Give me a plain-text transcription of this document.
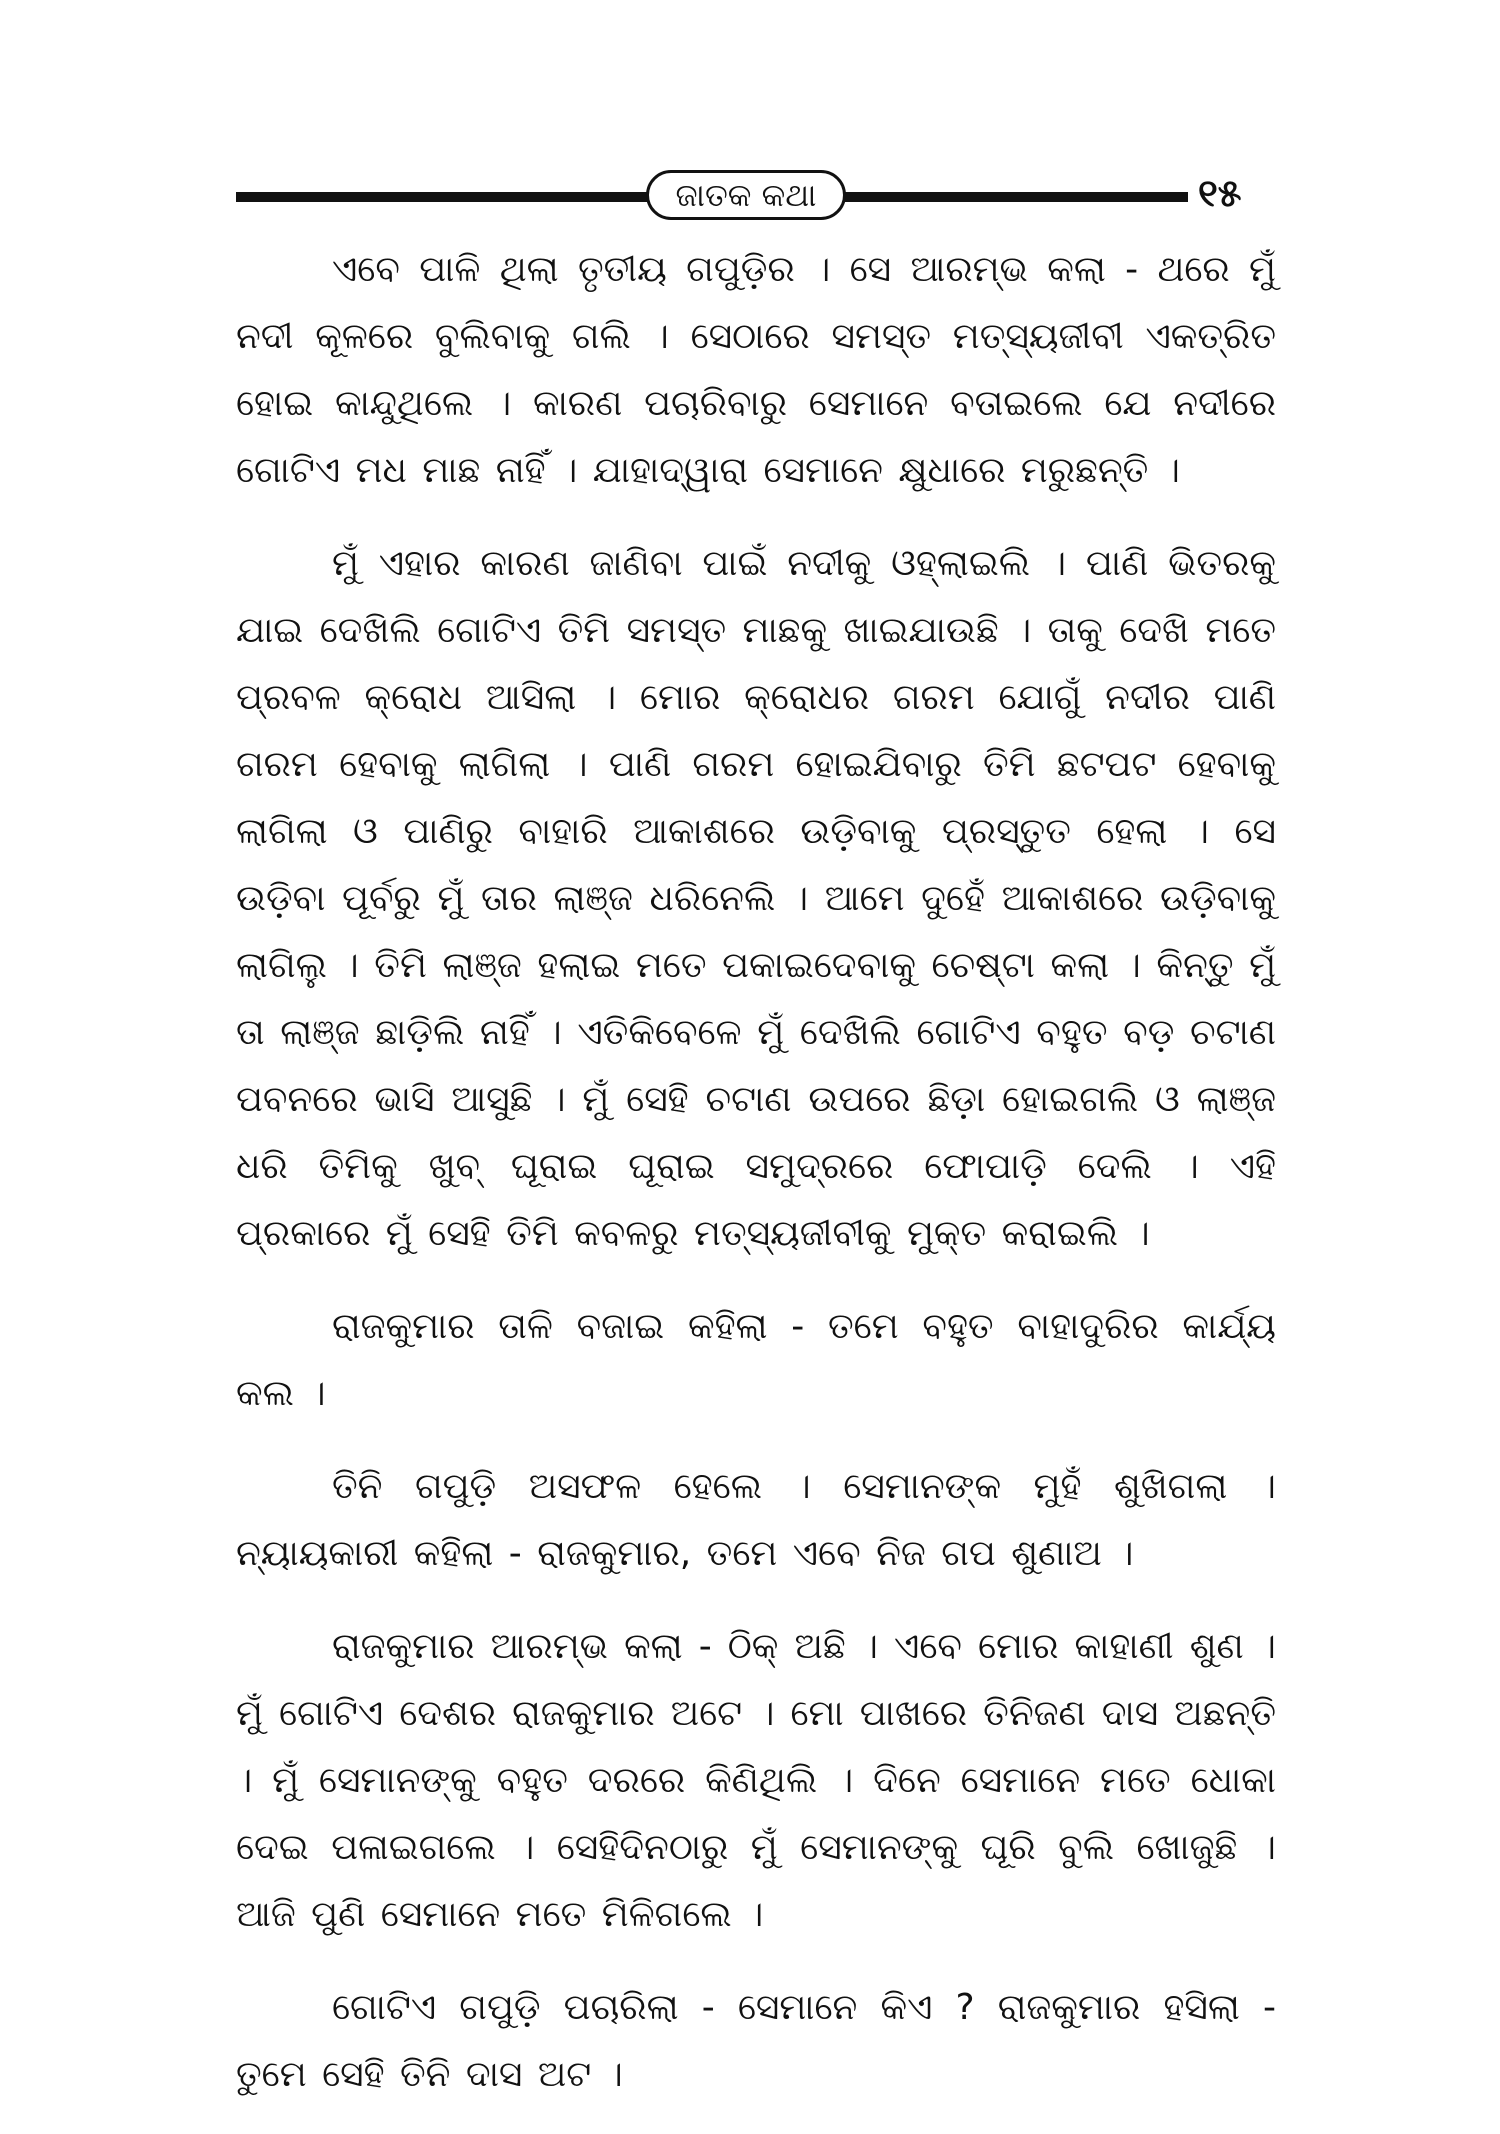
ଜାତକ କଥା	୧୫

ଏବେ ପାଳି ଥିଲା ତୃତୀୟ ଗପୁଡ଼ିର । ସେ ଆରମ୍ଭ କଲା - ଥରେ ମୁଁ ନଦୀ କୂଳରେ ବୁଲିବାକୁ ଗଲି । ସେଠାରେ ସମସ୍ତ ମତ୍ସ୍ୟଜୀବୀ ଏକତ୍ରିତ ହୋଇ କାନ୍ଦୁଥିଲେ । କାରଣ ପଚାରିବାରୁ ସେମାନେ ବତାଇଲେ ଯେ ନଦୀରେ ଗୋଟିଏ ମଧ ମାଛ ନାହିଁ । ଯାହାଦ୍ୱାରା ସେମାନେ କ୍ଷୁଧାରେ ମରୁଛନ୍ତି ।

ମୁଁ ଏହାର କାରଣ ଜାଣିବା ପାଇଁ ନଦୀକୁ ଓହ୍ଲାଇଲି । ପାଣି ଭିତରକୁ ଯାଇ ଦେଖିଲି ଗୋଟିଏ ତିମି ସମସ୍ତ ମାଛକୁ ଖାଇଯାଉଛି । ତାକୁ ଦେଖି ମତେ ପ୍ରବଳ କ୍ରୋଧ ଆସିଲା । ମୋର କ୍ରୋଧର ଗରମ ଯୋଗୁଁ ନଦୀର ପାଣି ଗରମ ହେବାକୁ ଲାଗିଲା । ପାଣି ଗରମ ହୋଇଯିବାରୁ ତିମି ଛଟପଟ ହେବାକୁ ଲାଗିଲା ଓ ପାଣିରୁ ବାହାରି ଆକାଶରେ ଉଡ଼ିବାକୁ ପ୍ରସ୍ତୁତ ହେଲା । ସେ ଉଡ଼ିବା ପୂର୍ବରୁ ମୁଁ ତାର ଲାଞ୍ଜ ଧରିନେଲି । ଆମେ ଦୁହେଁ ଆକାଶରେ ଉଡ଼ିବାକୁ ଲାଗିଲୁ । ତିମି ଲାଞ୍ଜ ହଲାଇ ମତେ ପକାଇଦେବାକୁ ଚେଷ୍ଟା କଲା । କିନ୍ତୁ ମୁଁ ତା ଲାଞ୍ଜ ଛାଡ଼ିଲି ନାହିଁ । ଏତିକିବେଳେ ମୁଁ ଦେଖିଲି ଗୋଟିଏ ବହୁତ ବଡ଼ ଚଟାଣ ପବନରେ ଭାସି ଆସୁଛି । ମୁଁ ସେହି ଚଟାଣ ଉପରେ ଛିଡ଼ା ହୋଇଗଲି ଓ ଲାଞ୍ଜ ଧରି ତିମିକୁ ଖୁବ୍ ଘୂରାଇ ଘୂରାଇ ସମୁଦ୍ରରେ ଫୋପାଡ଼ି ଦେଲି । ଏହି ପ୍ରକାରେ ମୁଁ ସେହି ତିମି କବଳରୁ ମତ୍ସ୍ୟଜୀବୀକୁ ମୁକ୍ତ କରାଇଲି ।

ରାଜକୁମାର ତାଳି ବଜାଇ କହିଲା - ତମେ ବହୁତ ବାହାଦୁରିର କାର୍ଯ୍ୟ କଲ ।

ତିନି ଗପୁଡ଼ି ଅସଫଳ ହେଲେ । ସେମାନଙ୍କ ମୁହଁ ଶୁଖିଗଲା । ନ୍ୟାୟକାରୀ କହିଲା - ରାଜକୁମାର, ତମେ ଏବେ ନିଜ ଗପ ଶୁଣାଅ ।

ରାଜକୁମାର ଆରମ୍ଭ କଲା - ଠିକ୍ ଅଛି । ଏବେ ମୋର କାହାଣୀ ଶୁଣ । ମୁଁ ଗୋଟିଏ ଦେଶର ରାଜକୁମାର ଅଟେ । ମୋ ପାଖରେ ତିନିଜଣ ଦାସ ଅଛନ୍ତି । ମୁଁ ସେମାନଙ୍କୁ ବହୁତ ଦରରେ କିଣିଥିଲି । ଦିନେ ସେମାନେ ମତେ ଧୋକା ଦେଇ ପଳାଇଗଲେ । ସେହିଦିନଠାରୁ ମୁଁ ସେମାନଙ୍କୁ ଘୂରି ବୁଲି ଖୋଜୁଛି । ଆଜି ପୁଣି ସେମାନେ ମତେ ମିଳିଗଲେ ।

ଗୋଟିଏ ଗପୁଡ଼ି ପଚାରିଲା - ସେମାନେ କିଏ ? ରାଜକୁମାର ହସିଲା - ତୁମେ ସେହି ତିନି ଦାସ ଅଟ ।
